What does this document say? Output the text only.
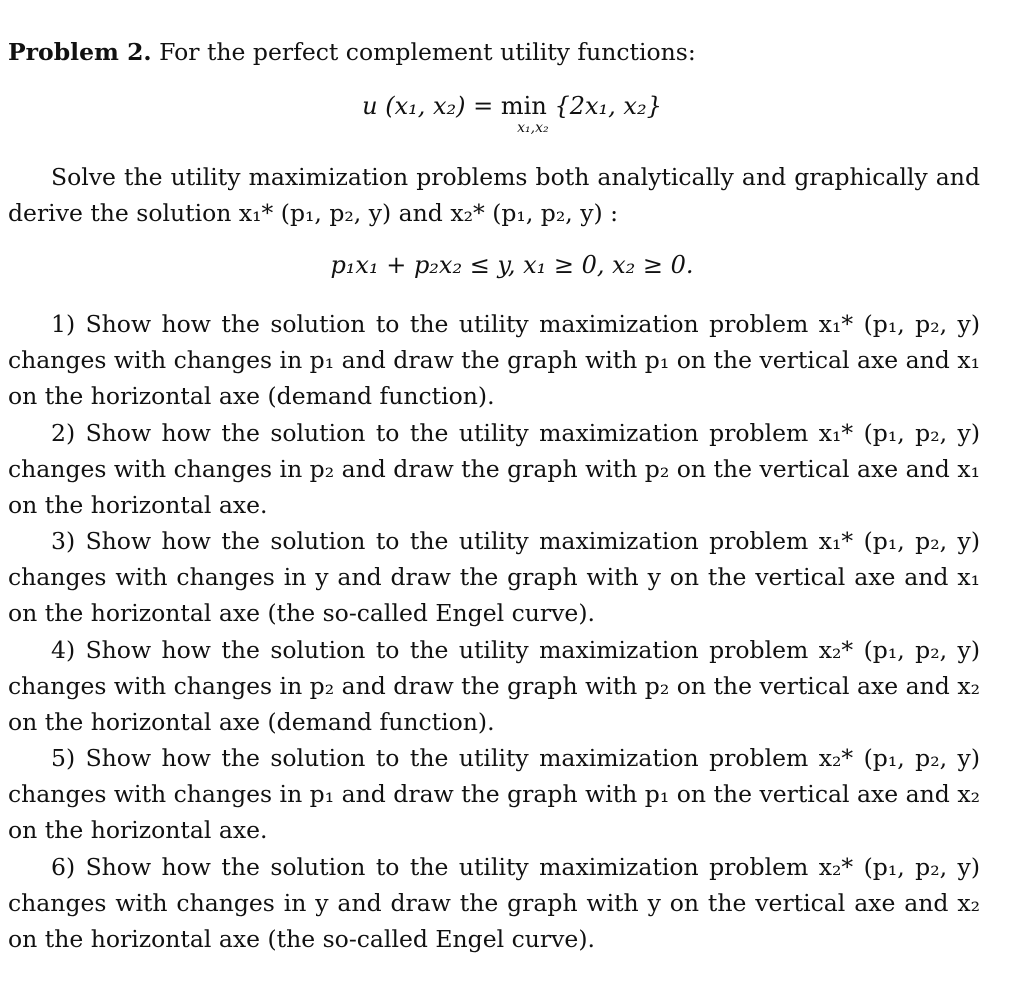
Problem 2. For the perfect complement utility functions:

u (x₁, x₂) = min {2x₁, x₂}
x₁,x₂

Solve the utility maximization problems both analytically and graphically and derive the solution x₁* (p₁, p₂, y) and x₂* (p₁, p₂, y) :

p₁x₁ + p₂x₂ ≤ y, x₁ ≥ 0, x₂ ≥ 0.

1) Show how the solution to the utility maximization problem x₁* (p₁, p₂, y) changes with changes in p₁ and draw the graph with p₁ on the vertical axe and x₁ on the horizontal axe (demand function).

2) Show how the solution to the utility maximization problem x₁* (p₁, p₂, y) changes with changes in p₂ and draw the graph with p₂ on the vertical axe and x₁ on the horizontal axe.

3) Show how the solution to the utility maximization problem x₁* (p₁, p₂, y) changes with changes in y and draw the graph with y on the vertical axe and x₁ on the horizontal axe (the so-called Engel curve).

4) Show how the solution to the utility maximization problem x₂* (p₁, p₂, y) changes with changes in p₂ and draw the graph with p₂ on the vertical axe and x₂ on the horizontal axe (demand function).

5) Show how the solution to the utility maximization problem x₂* (p₁, p₂, y) changes with changes in p₁ and draw the graph with p₁ on the vertical axe and x₂ on the horizontal axe.

6) Show how the solution to the utility maximization problem x₂* (p₁, p₂, y) changes with changes in y and draw the graph with y on the vertical axe and x₂ on the horizontal axe (the so-called Engel curve).
